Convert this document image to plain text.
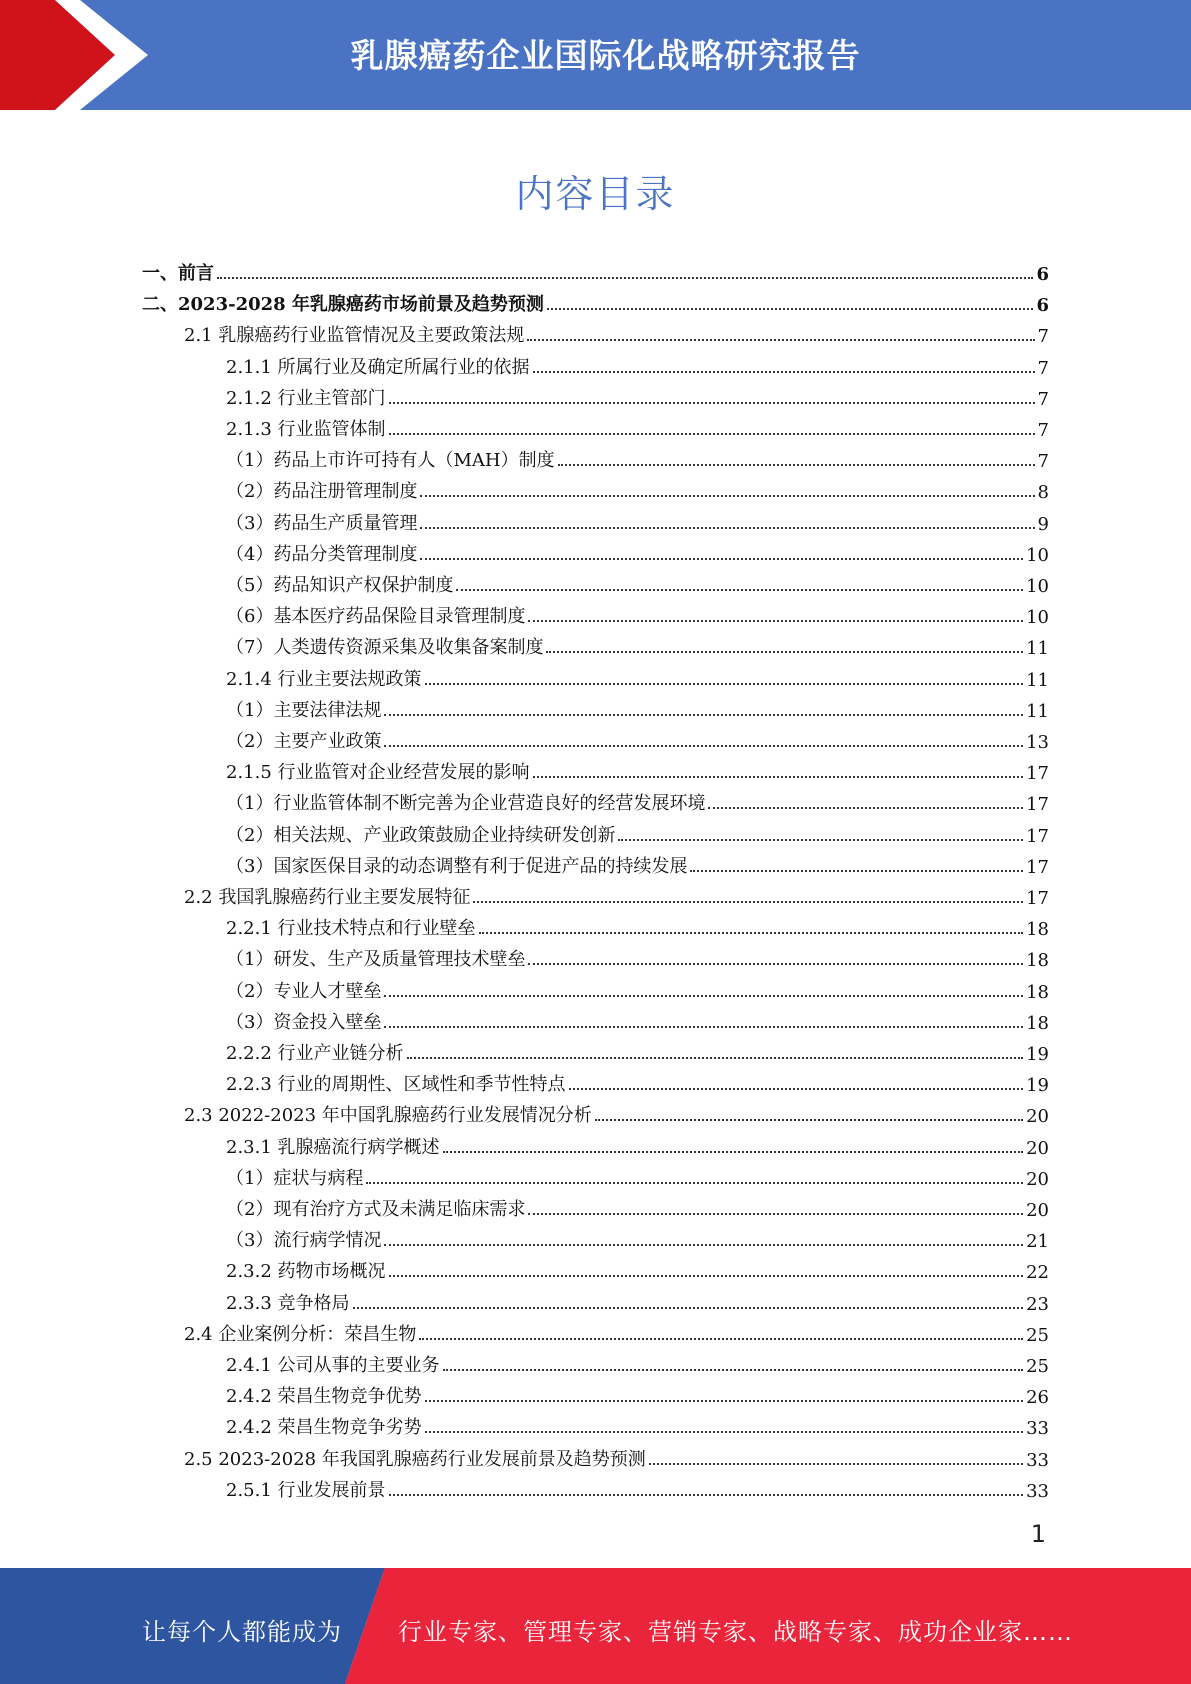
乳腺癌药企业国际化战略研究报告
内容目录
一、前言	6
二、2023-2028 年乳腺癌药市场前景及趋势预测	6
2.1 乳腺癌药行业监管情况及主要政策法规	7
2.1.1 所属行业及确定所属行业的依据	7
2.1.2 行业主管部门	7
2.1.3 行业监管体制	7
（1）药品上市许可持有人（MAH）制度	7
（2）药品注册管理制度	8
（3）药品生产质量管理	9
（4）药品分类管理制度	10
（5）药品知识产权保护制度	10
（6）基本医疗药品保险目录管理制度	10
（7）人类遗传资源采集及收集备案制度	11
2.1.4 行业主要法规政策	11
（1）主要法律法规	11
（2）主要产业政策	13
2.1.5 行业监管对企业经营发展的影响	17
（1）行业监管体制不断完善为企业营造良好的经营发展环境	17
（2）相关法规、产业政策鼓励企业持续研发创新	17
（3）国家医保目录的动态调整有利于促进产品的持续发展	17
2.2 我国乳腺癌药行业主要发展特征	17
2.2.1 行业技术特点和行业壁垒	18
（1）研发、生产及质量管理技术壁垒	18
（2）专业人才壁垒	18
（3）资金投入壁垒	18
2.2.2 行业产业链分析	19
2.2.3 行业的周期性、区域性和季节性特点	19
2.3 2022-2023 年中国乳腺癌药行业发展情况分析	20
2.3.1 乳腺癌流行病学概述	20
（1）症状与病程	20
（2）现有治疗方式及未满足临床需求	20
（3）流行病学情况	21
2.3.2 药物市场概况	22
2.3.3 竞争格局	23
2.4 企业案例分析：荣昌生物	25
2.4.1 公司从事的主要业务	25
2.4.2 荣昌生物竞争优势	26
2.4.2 荣昌生物竞争劣势	33
2.5 2023-2028 年我国乳腺癌药行业发展前景及趋势预测	33
2.5.1 行业发展前景	33
1
让每个人都能成为 行业专家、管理专家、营销专家、战略专家、成功企业家……
